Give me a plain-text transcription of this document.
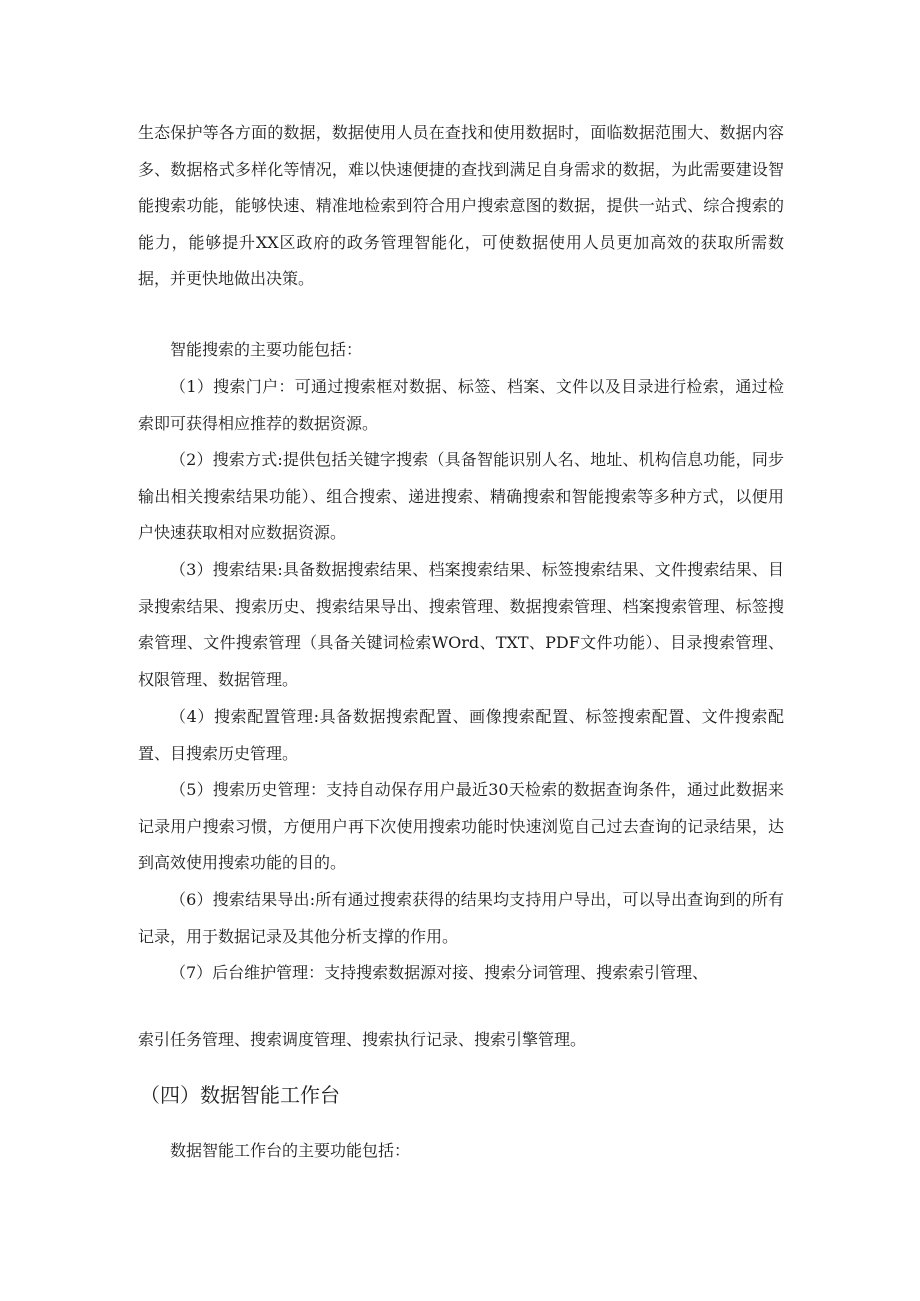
生态保护等各方面的数据，数据使用人员在查找和使用数据时，面临数据范围大、数据内容多、数据格式多样化等情况，难以快速便捷的查找到满足自身需求的数据，为此需要建设智能搜索功能，能够快速、精准地检索到符合用户搜索意图的数据，提供一站式、综合搜索的能力，能够提升XX区政府的政务管理智能化，可使数据使用人员更加高效的获取所需数据，并更快地做出决策。

智能搜索的主要功能包括：

（1）搜索门户：可通过搜索框对数据、标签、档案、文件以及目录进行检索，通过检索即可获得相应推荐的数据资源。

（2）搜索方式:提供包括关键字搜索（具备智能识别人名、地址、机构信息功能，同步输出相关搜索结果功能）、组合搜索、递进搜索、精确搜索和智能搜索等多种方式，以便用户快速获取相对应数据资源。

（3）搜索结果:具备数据搜索结果、档案搜索结果、标签搜索结果、文件搜索结果、目录搜索结果、搜索历史、搜索结果导出、搜索管理、数据搜索管理、档案搜索管理、标签搜索管理、文件搜索管理（具备关键词检索WOrd、TXT、PDF文件功能）、目录搜索管理、权限管理、数据管理。

（4）搜索配置管理:具备数据搜索配置、画像搜索配置、标签搜索配置、文件搜索配置、目搜索历史管理。

（5）搜索历史管理：支持自动保存用户最近30天检索的数据查询条件，通过此数据来记录用户搜索习惯，方便用户再下次使用搜索功能时快速浏览自己过去查询的记录结果，达到高效使用搜索功能的目的。

（6）搜索结果导出:所有通过搜索获得的结果均支持用户导出，可以导出查询到的所有记录，用于数据记录及其他分析支撑的作用。

（7）后台维护管理：支持搜索数据源对接、搜索分词管理、搜索索引管理、

索引任务管理、搜索调度管理、搜索执行记录、搜索引擎管理。

（四）数据智能工作台

数据智能工作台的主要功能包括：
